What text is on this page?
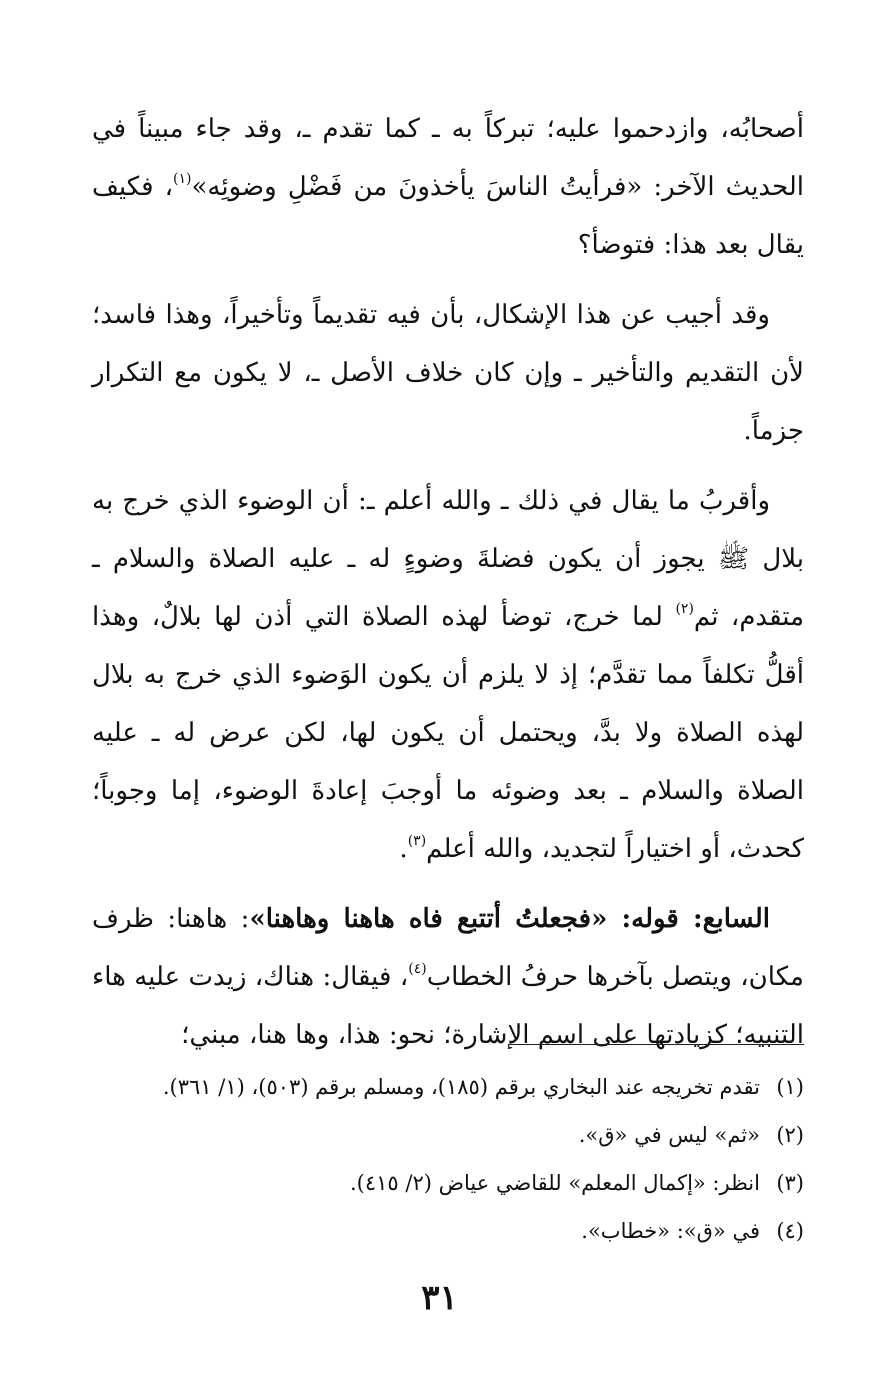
أصحابُه، وازدحموا عليه؛ تبركاً به ـ كما تقدم ـ، وقد جاء مبيناً في الحديث الآخر: «فرأيتُ الناسَ يأخذونَ من فَضْلِ وضوئِه»$^{(١)}$، فكيف يقال بعد هذا: فتوضأ؟

وقد أجيب عن هذا الإشكال، بأن فيه تقديماً وتأخيراً، وهذا فاسد؛ لأن التقديم والتأخير ـ وإن كان خلاف الأصل ـ، لا يكون مع التكرار جزماً.

وأقربُ ما يقال في ذلك ـ والله أعلم ـ: أن الوضوء الذي خرج به بلال ﷺ يجوز أن يكون فضلةَ وضوءٍ له ـ عليه الصلاة والسلام ـ متقدم، ثم$^{(٢)}$ لما خرج، توضأ لهذه الصلاة التي أذن لها بلالٌ، وهذا أقلُّ تكلفاً مما تقدَّم؛ إذ لا يلزم أن يكون الوَضوء الذي خرج به بلال لهذه الصلاة ولا بدَّ، ويحتمل أن يكون لها، لكن عرض له ـ عليه الصلاة والسلام ـ بعد وضوئه ما أوجبَ إعادةَ الوضوء، إما وجوباً؛ كحدث، أو اختياراً لتجديد، والله أعلم$^{(٣)}$.

السابع: قوله: «فجعلتُ أتتبع فاه هاهنا وهاهنا»: هاهنا: ظرف مكان، ويتصل بآخرها حرفُ الخطاب$^{(٤)}$، فيقال: هناك، زيدت عليه هاء التنبيه؛ كزيادتها على اسم الإشارة؛ نحو: هذا، وها هنا، مبني؛

(١)تقدم تخريجه عند البخاري برقم (١٨٥)، ومسلم برقم (٥٠٣)، (١/ ٣٦١).
(٢)«ثم» ليس في «ق».
(٣)انظر: «إكمال المعلم» للقاضي عياض (٢/ ٤١٥).
(٤)في «ق»: «خطاب».
٣١
